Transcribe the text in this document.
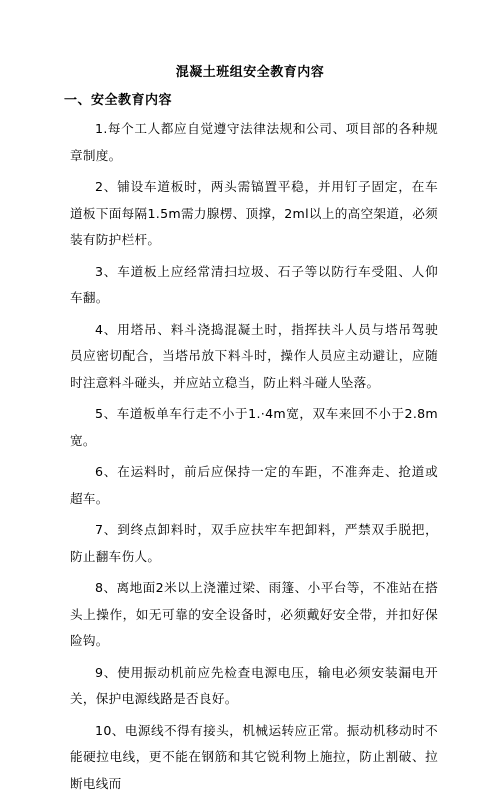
混凝土班组安全教育内容
一、安全教育内容

1.每个工人都应自觉遵守法律法规和公司、项目部的各种规章制度。

2、铺设车道板时，两头需镐置平稳，并用钉子固定，在车道板下面每隔1.5m需力腺楞、顶撑，2ml以上的高空架道，必须装有防护栏杆。

3、车道板上应经常清扫垃圾、石子等以防行车受阻、人仰车翻。

4、用塔吊、料斗浇捣混凝土时，指挥扶斗人员与塔吊驾驶员应密切配合，当塔吊放下料斗时，操作人员应主动避让，应随时注意料斗碰头，并应站立稳当，防止料斗碰人坠落。

5、车道板单车行走不小于1.·4m宽，双车来回不小于2.8m宽。

6、在运料时，前后应保持一定的车距，不准奔走、抢道或超车。

7、到终点卸料时，双手应扶牢车把卸料，严禁双手脱把，防止翻车伤人。

8、离地面2米以上浇灌过梁、雨篷、小平台等，不准站在搭头上操作，如无可靠的安全设备时，必须戴好安全带，并扣好保险钩。

9、使用振动机前应先检查电源电压，输电必须安装漏电开关，保护电源线路是否良好。

10、电源线不得有接头，机械运转应正常。振动机移动时不能硬拉电线，更不能在钢筋和其它锐利物上施拉，防止割破、拉断电线而
